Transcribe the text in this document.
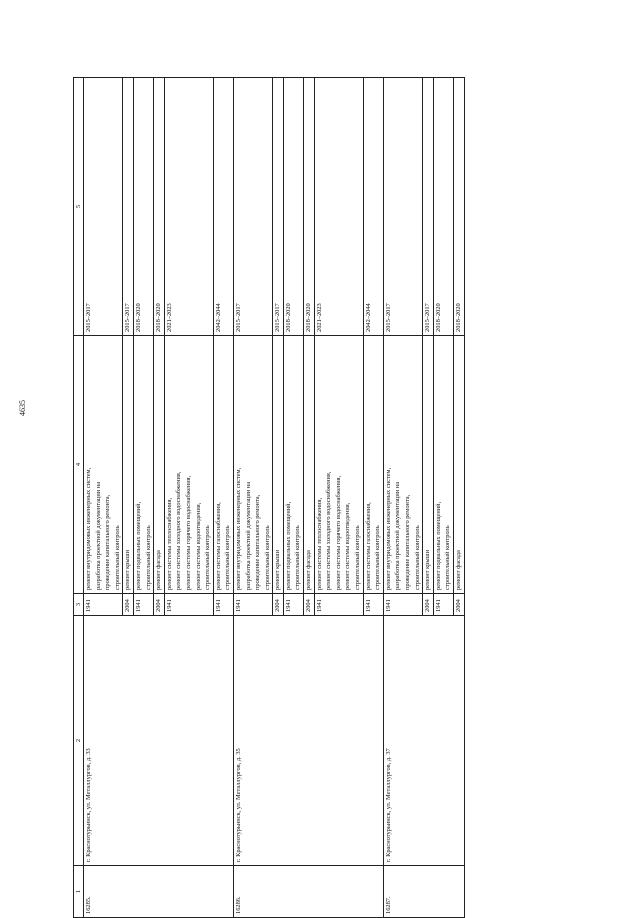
4635
1	2	3	4	5
16285.	г. Краснотурьинск, ул. Металлургов, д. 33	1941	ремонт внутридомовых инженерных систем, разработка проектной документации на проведение капитального ремонта, строительный контроль	2015–2017
		2004	ремонт крыши	2015–2017
		1941	ремонт подвальных помещений, строительный контроль	2018–2020
		2004	ремонт фасада	2018–2020
		1941	ремонт системы теплоснабжения, ремонт системы холодного водоснабжения, ремонт системы горячего водоснабжения, ремонт системы водоотведения, строительный контроль	2021–2023
		1941	ремонт системы газоснабжения, строительный контроль	2042–2044
16286.	г. Краснотурьинск, ул. Металлургов, д. 35	1941	ремонт внутридомовых инженерных систем, разработка проектной документации на проведение капитального ремонта, строительный контроль	2015–2017
		2004	ремонт крыши	2015–2017
		1941	ремонт подвальных помещений, строительный контроль	2018–2020
		2004	ремонт фасада	2018–2020
		1941	ремонт системы теплоснабжения, ремонт системы холодного водоснабжения, ремонт системы горячего водоснабжения, ремонт системы водоотведения, строительный контроль	2021–2023
		1941	ремонт системы газоснабжения, строительный контроль	2042–2044
16287.	г. Краснотурьинск, ул. Металлургов, д. 37	1941	ремонт внутридомовых инженерных систем, разработка проектной документации на проведение капитального ремонта, строительный контроль	2015–2017
		2004	ремонт крыши	2015–2017
		1941	ремонт подвальных помещений, строительный контроль	2018–2020
		2004	ремонт фасада	2018–2020
